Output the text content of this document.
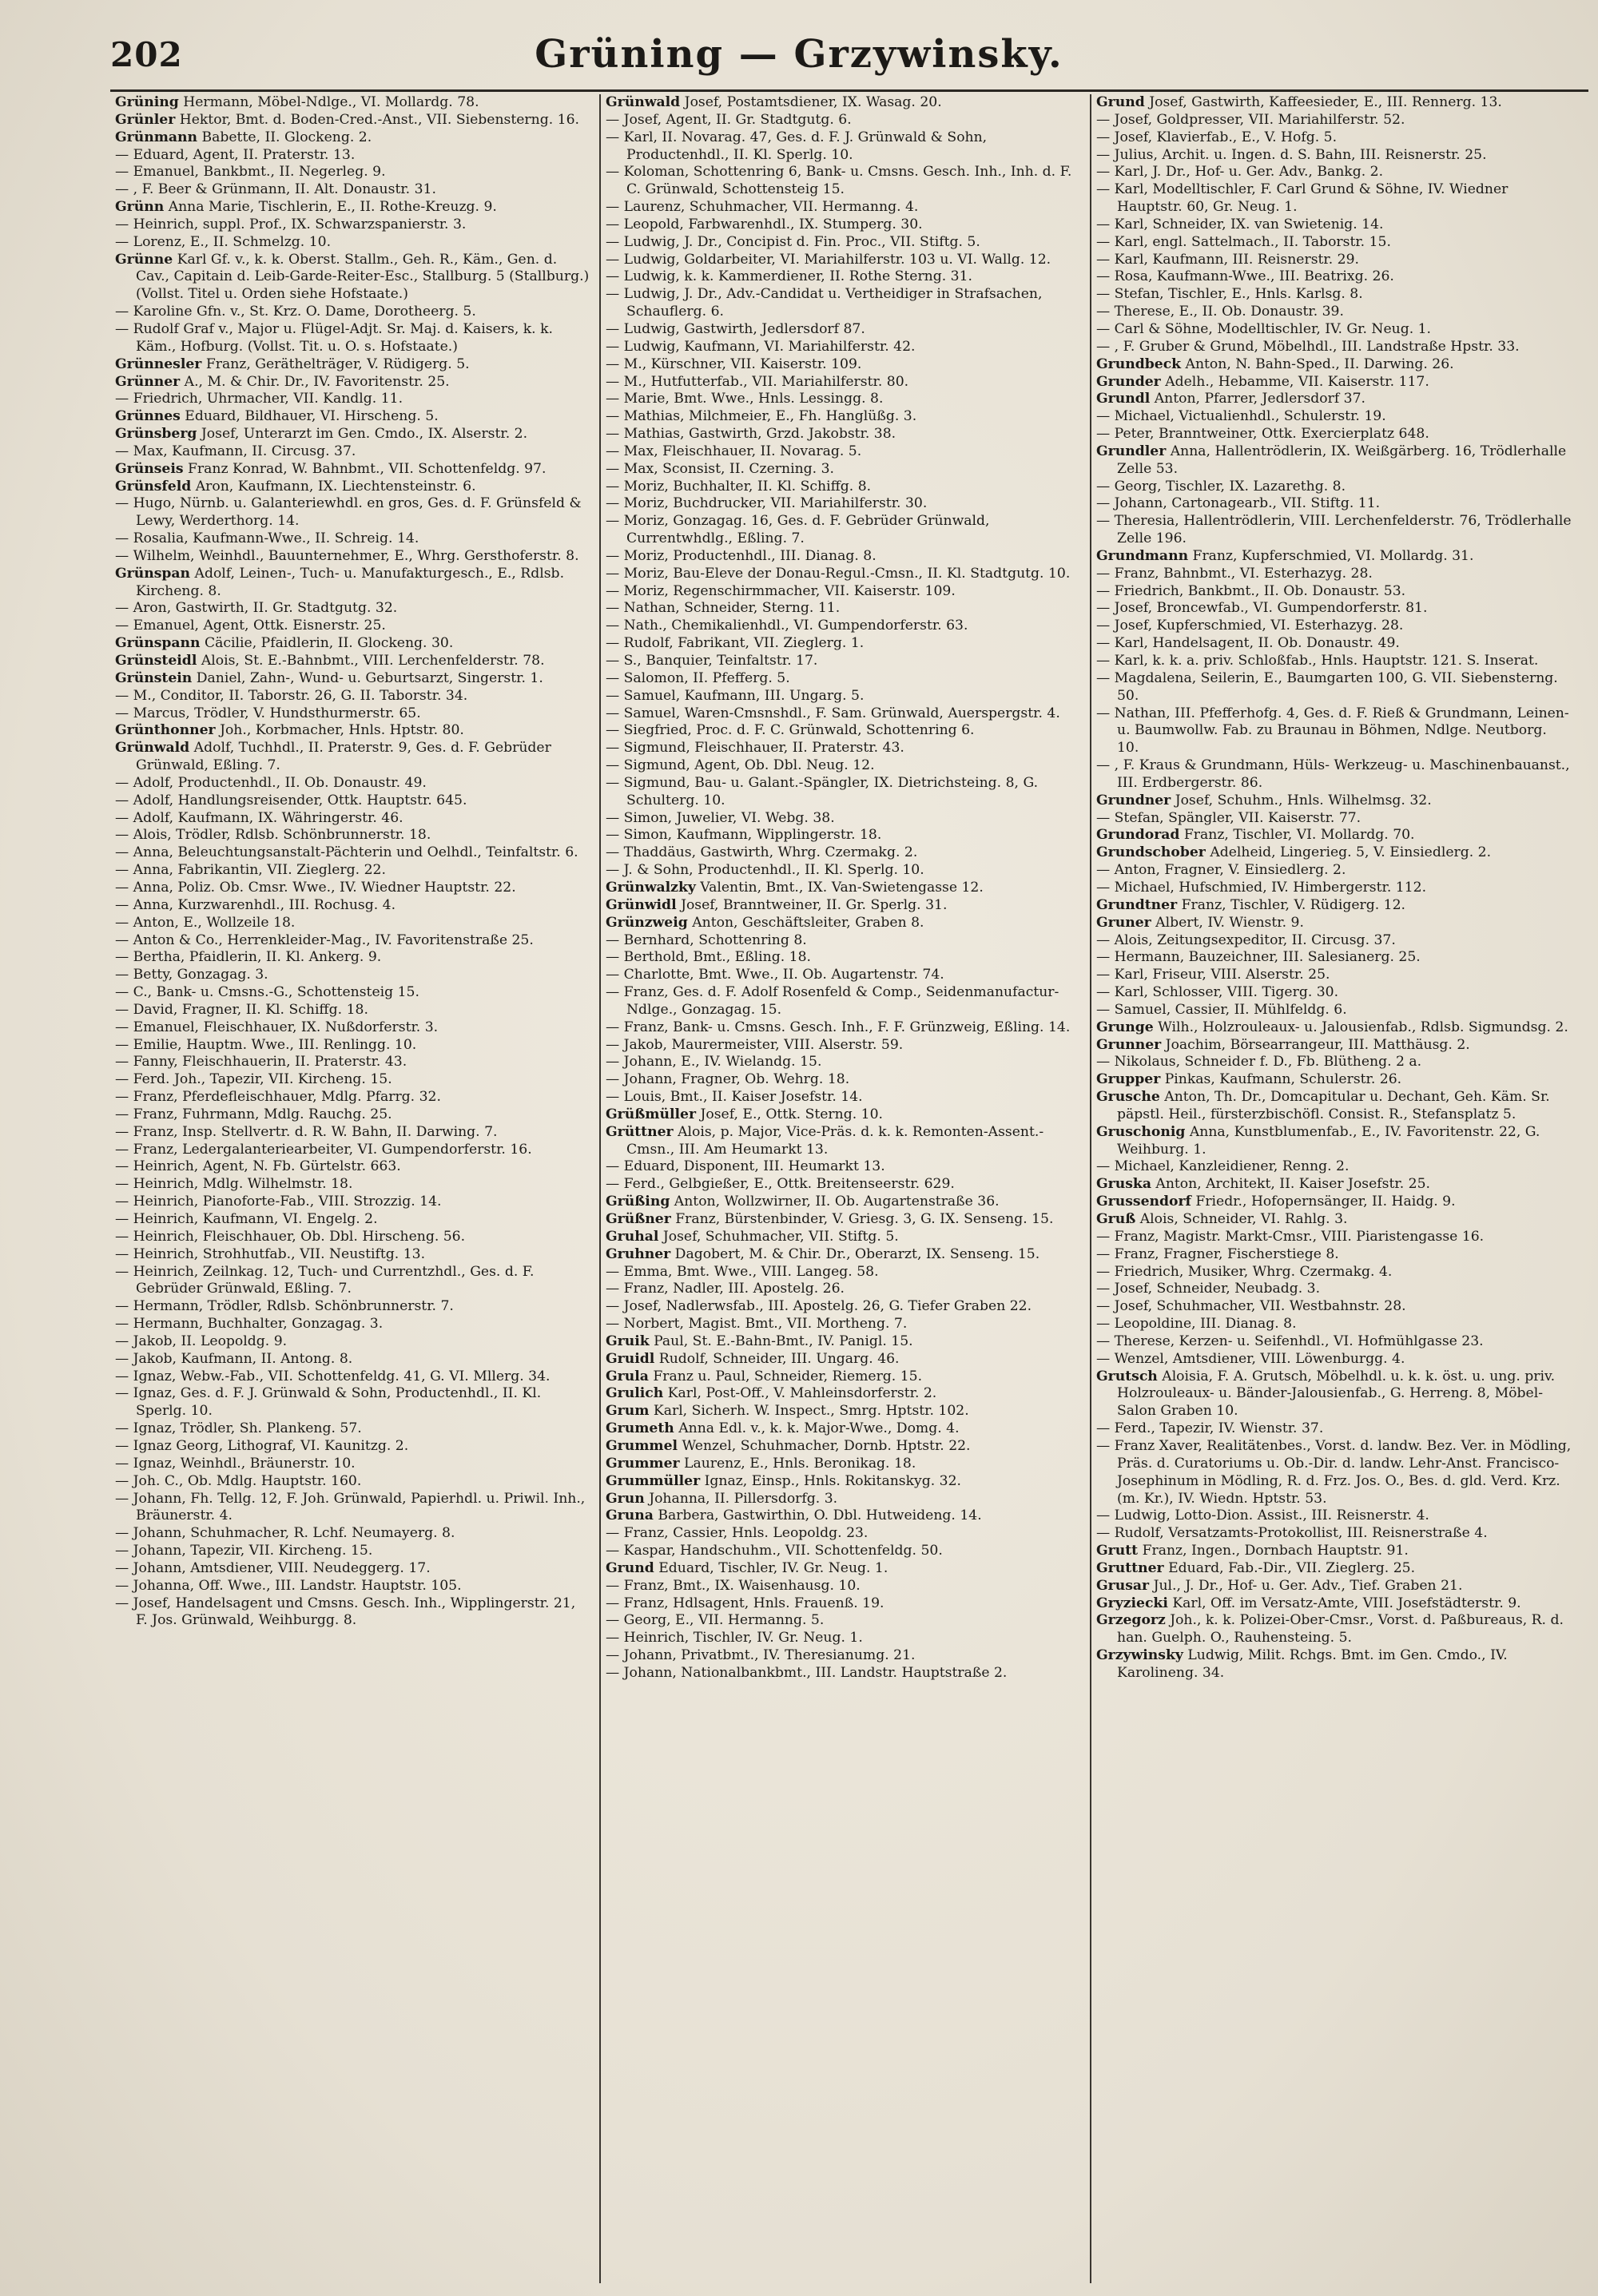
202	Grüning — Grzywinsky.

Grüning Hermann, Möbel-Ndlge., VI. Mollardg. 78.

Grünler Hektor, Bmt. d. Boden-Cred.-Anst., VII. Siebensterng. 16.

Grünmann Babette, II. Glockeng. 2.

— Eduard, Agent, II. Praterstr. 13.

— Emanuel, Bankbmt., II. Negerleg. 9.

— , F. Beer & Grünmann, II. Alt. Donaustr. 31.

Grünn Anna Marie, Tischlerin, E., II. Rothe-Kreuzg. 9.

— Heinrich, suppl. Prof., IX. Schwarzspanierstr. 3.

— Lorenz, E., II. Schmelzg. 10.

Grünne Karl Gf. v., k. k. Oberst. Stallm., Geh. R., Käm., Gen. d. Cav., Capitain d. Leib-Garde-Reiter-Esc., Stallburg. 5 (Stallburg.) (Vollst. Titel u. Orden siehe Hofstaate.)

— Karoline Gfn. v., St. Krz. O. Dame, Dorotheerg. 5.

— Rudolf Graf v., Major u. Flügel-Adjt. Sr. Maj. d. Kaisers, k. k. Käm., Hofburg. (Vollst. Tit. u. O. s. Hofstaate.)

Grünnesler Franz, Geräthelträger, V. Rüdigerg. 5.

Grünner A., M. & Chir. Dr., IV. Favoritenstr. 25.

— Friedrich, Uhrmacher, VII. Kandlg. 11.

Grünnes Eduard, Bildhauer, VI. Hirscheng. 5.

Grünsberg Josef, Unterarzt im Gen. Cmdo., IX. Alserstr. 2.

— Max, Kaufmann, II. Circusg. 37.

Grünseis Franz Konrad, W. Bahnbmt., VII. Schottenfeldg. 97.

Grünsfeld Aron, Kaufmann, IX. Liechtensteinstr. 6.

— Hugo, Nürnb. u. Galanteriewhdl. en gros, Ges. d. F. Grünsfeld & Lewy, Werderthorg. 14.

— Rosalia, Kaufmann-Wwe., II. Schreig. 14.

— Wilhelm, Weinhdl., Bauunternehmer, E., Whrg. Gersthoferstr. 8.

Grünspan Adolf, Leinen-, Tuch- u. Manufakturgesch., E., Rdlsb. Kircheng. 8.

— Aron, Gastwirth, II. Gr. Stadtgutg. 32.

— Emanuel, Agent, Ottk. Eisnerstr. 25.

Grünspann Cäcilie, Pfaidlerin, II. Glockeng. 30.

Grünsteidl Alois, St. E.-Bahnbmt., VIII. Lerchenfelderstr. 78.

Grünstein Daniel, Zahn-, Wund- u. Geburtsarzt, Singerstr. 1.

— M., Conditor, II. Taborstr. 26, G. II. Taborstr. 34.

— Marcus, Trödler, V. Hundsthurmerstr. 65.

Grünthonner Joh., Korbmacher, Hnls. Hptstr. 80.

Grünwald Adolf, Tuchhdl., II. Praterstr. 9, Ges. d. F. Gebrüder Grünwald, Eßling. 7.

— Adolf, Productenhdl., II. Ob. Donaustr. 49.

— Adolf, Handlungsreisender, Ottk. Hauptstr. 645.

— Adolf, Kaufmann, IX. Währingerstr. 46.

— Alois, Trödler, Rdlsb. Schönbrunnerstr. 18.

— Anna, Beleuchtungsanstalt-Pächterin und Oelhdl., Teinfaltstr. 6.

— Anna, Fabrikantin, VII. Zieglerg. 22.

— Anna, Poliz. Ob. Cmsr. Wwe., IV. Wiedner Hauptstr. 22.

— Anna, Kurzwarenhdl., III. Rochusg. 4.

— Anton, E., Wollzeile 18.

— Anton & Co., Herrenkleider-Mag., IV. Favoritenstraße 25.

— Bertha, Pfaidlerin, II. Kl. Ankerg. 9.

— Betty, Gonzagag. 3.

— C., Bank- u. Cmsns.-G., Schottensteig 15.

— David, Fragner, II. Kl. Schiffg. 18.

— Emanuel, Fleischhauer, IX. Nußdorferstr. 3.

— Emilie, Hauptm. Wwe., III. Renlingg. 10.

— Fanny, Fleischhauerin, II. Praterstr. 43.

— Ferd. Joh., Tapezir, VII. Kircheng. 15.

— Franz, Pferdefleischhauer, Mdlg. Pfarrg. 32.

— Franz, Fuhrmann, Mdlg. Rauchg. 25.

— Franz, Insp. Stellvertr. d. R. W. Bahn, II. Darwing. 7.

— Franz, Ledergalanteriearbeiter, VI. Gumpendorferstr. 16.

— Heinrich, Agent, N. Fb. Gürtelstr. 663.

— Heinrich, Mdlg. Wilhelmstr. 18.

— Heinrich, Pianoforte-Fab., VIII. Strozzig. 14.

— Heinrich, Kaufmann, VI. Engelg. 2.

— Heinrich, Fleischhauer, Ob. Dbl. Hirscheng. 56.

— Heinrich, Strohhutfab., VII. Neustiftg. 13.

— Heinrich, Zeilnkag. 12, Tuch- und Currentzhdl., Ges. d. F. Gebrüder Grünwald, Eßling. 7.

— Hermann, Trödler, Rdlsb. Schönbrunnerstr. 7.

— Hermann, Buchhalter, Gonzagag. 3.

— Jakob, II. Leopoldg. 9.

— Jakob, Kaufmann, II. Antong. 8.

— Ignaz, Webw.-Fab., VII. Schottenfeldg. 41, G. VI. Mllerg. 34.

— Ignaz, Ges. d. F. J. Grünwald & Sohn, Productenhdl., II. Kl. Sperlg. 10.

— Ignaz, Trödler, Sh. Plankeng. 57.

— Ignaz Georg, Lithograf, VI. Kaunitzg. 2.

— Ignaz, Weinhdl., Bräunerstr. 10.

— Joh. C., Ob. Mdlg. Hauptstr. 160.

— Johann, Fh. Tellg. 12, F. Joh. Grünwald, Papierhdl. u. Priwil. Inh., Bräunerstr. 4.

— Johann, Schuhmacher, R. Lchf. Neumayerg. 8.

— Johann, Tapezir, VII. Kircheng. 15.

— Johann, Amtsdiener, VIII. Neudeggerg. 17.

— Johanna, Off. Wwe., III. Landstr. Hauptstr. 105.

— Josef, Handelsagent und Cmsns. Gesch. Inh., Wipplingerstr. 21, F. Jos. Grünwald, Weihburgg. 8.

Grünwald Josef, Postamtsdiener, IX. Wasag. 20.

— Josef, Agent, II. Gr. Stadtgutg. 6.

— Karl, II. Novarag. 47, Ges. d. F. J. Grünwald & Sohn, Productenhdl., II. Kl. Sperlg. 10.

— Koloman, Schottenring 6, Bank- u. Cmsns. Gesch. Inh., Inh. d. F. C. Grünwald, Schottensteig 15.

— Laurenz, Schuhmacher, VII. Hermanng. 4.

— Leopold, Farbwarenhdl., IX. Stumperg. 30.

— Ludwig, J. Dr., Concipist d. Fin. Proc., VII. Stiftg. 5.

— Ludwig, Goldarbeiter, VI. Mariahilferstr. 103 u. VI. Wallg. 12.

— Ludwig, k. k. Kammerdiener, II. Rothe Sterng. 31.

— Ludwig, J. Dr., Adv.-Candidat u. Vertheidiger in Strafsachen, Schauflerg. 6.

— Ludwig, Gastwirth, Jedlersdorf 87.

— Ludwig, Kaufmann, VI. Mariahilferstr. 42.

— M., Kürschner, VII. Kaiserstr. 109.

— M., Hutfutterfab., VII. Mariahilferstr. 80.

— Marie, Bmt. Wwe., Hnls. Lessingg. 8.

— Mathias, Milchmeier, E., Fh. Hanglüßg. 3.

— Mathias, Gastwirth, Grzd. Jakobstr. 38.

— Max, Fleischhauer, II. Novarag. 5.

— Max, Sconsist, II. Czerning. 3.

— Moriz, Buchhalter, II. Kl. Schiffg. 8.

— Moriz, Buchdrucker, VII. Mariahilferstr. 30.

— Moriz, Gonzagag. 16, Ges. d. F. Gebrüder Grünwald, Currentwhdlg., Eßling. 7.

— Moriz, Productenhdl., III. Dianag. 8.

— Moriz, Bau-Eleve der Donau-Regul.-Cmsn., II. Kl. Stadtgutg. 10.

— Moriz, Regenschirmmacher, VII. Kaiserstr. 109.

— Nathan, Schneider, Sterng. 11.

— Nath., Chemikalienhdl., VI. Gumpendorferstr. 63.

— Rudolf, Fabrikant, VII. Zieglerg. 1.

— S., Banquier, Teinfaltstr. 17.

— Salomon, II. Pfefferg. 5.

— Samuel, Kaufmann, III. Ungarg. 5.

— Samuel, Waren-Cmsnshdl., F. Sam. Grünwald, Auerspergstr. 4.

— Siegfried, Proc. d. F. C. Grünwald, Schottenring 6.

— Sigmund, Fleischhauer, II. Praterstr. 43.

— Sigmund, Agent, Ob. Dbl. Neug. 12.

— Sigmund, Bau- u. Galant.-Spängler, IX. Dietrichsteing. 8, G. Schulterg. 10.

— Simon, Juwelier, VI. Webg. 38.

— Simon, Kaufmann, Wipplingerstr. 18.

— Thaddäus, Gastwirth, Whrg. Czermakg. 2.

— J. & Sohn, Productenhdl., II. Kl. Sperlg. 10.

Grünwalzky Valentin, Bmt., IX. Van-Swietengasse 12.

Grünwidl Josef, Branntweiner, II. Gr. Sperlg. 31.

Grünzweig Anton, Geschäftsleiter, Graben 8.

— Bernhard, Schottenring 8.

— Berthold, Bmt., Eßling. 18.

— Charlotte, Bmt. Wwe., II. Ob. Augartenstr. 74.

— Franz, Ges. d. F. Adolf Rosenfeld & Comp., Seidenmanufactur-Ndlge., Gonzagag. 15.

— Franz, Bank- u. Cmsns. Gesch. Inh., F. F. Grünzweig, Eßling. 14.

— Jakob, Maurermeister, VIII. Alserstr. 59.

— Johann, E., IV. Wielandg. 15.

— Johann, Fragner, Ob. Wehrg. 18.

— Louis, Bmt., II. Kaiser Josefstr. 14.

Grüßmüller Josef, E., Ottk. Sterng. 10.

Grüttner Alois, p. Major, Vice-Präs. d. k. k. Remonten-Assent.-Cmsn., III. Am Heumarkt 13.

— Eduard, Disponent, III. Heumarkt 13.

— Ferd., Gelbgießer, E., Ottk. Breitenseerstr. 629.

Grüßing Anton, Wollzwirner, II. Ob. Augartenstraße 36.

Grüßner Franz, Bürstenbinder, V. Griesg. 3, G. IX. Senseng. 15.

Gruhal Josef, Schuhmacher, VII. Stiftg. 5.

Gruhner Dagobert, M. & Chir. Dr., Oberarzt, IX. Senseng. 15.

— Emma, Bmt. Wwe., VIII. Langeg. 58.

— Franz, Nadler, III. Apostelg. 26.

— Josef, Nadlerwsfab., III. Apostelg. 26, G. Tiefer Graben 22.

— Norbert, Magist. Bmt., VII. Mortheng. 7.

Gruik Paul, St. E.-Bahn-Bmt., IV. Panigl. 15.

Gruidl Rudolf, Schneider, III. Ungarg. 46.

Grula Franz u. Paul, Schneider, Riemerg. 15.

Grulich Karl, Post-Off., V. Mahleinsdorferstr. 2.

Grum Karl, Sicherh. W. Inspect., Smrg. Hptstr. 102.

Grumeth Anna Edl. v., k. k. Major-Wwe., Domg. 4.

Grummel Wenzel, Schuhmacher, Dornb. Hptstr. 22.

Grummer Laurenz, E., Hnls. Beronikag. 18.

Grummüller Ignaz, Einsp., Hnls. Rokitanskyg. 32.

Grun Johanna, II. Pillersdorfg. 3.

Gruna Barbera, Gastwirthin, O. Dbl. Hutweideng. 14.

— Franz, Cassier, Hnls. Leopoldg. 23.

— Kaspar, Handschuhm., VII. Schottenfeldg. 50.

Grund Eduard, Tischler, IV. Gr. Neug. 1.

— Franz, Bmt., IX. Waisenhausg. 10.

— Franz, Hdlsagent, Hnls. Frauenß. 19.

— Georg, E., VII. Hermanng. 5.

— Heinrich, Tischler, IV. Gr. Neug. 1.

— Johann, Privatbmt., IV. Theresianumg. 21.

— Johann, Nationalbankbmt., III. Landstr. Hauptstraße 2.

Grund Josef, Gastwirth, Kaffeesieder, E., III. Rennerg. 13.

— Josef, Goldpresser, VII. Mariahilferstr. 52.

— Josef, Klavierfab., E., V. Hofg. 5.

— Julius, Archit. u. Ingen. d. S. Bahn, III. Reisnerstr. 25.

— Karl, J. Dr., Hof- u. Ger. Adv., Bankg. 2.

— Karl, Modelltischler, F. Carl Grund & Söhne, IV. Wiedner Hauptstr. 60, Gr. Neug. 1.

— Karl, Schneider, IX. van Swietenig. 14.

— Karl, engl. Sattelmach., II. Taborstr. 15.

— Karl, Kaufmann, III. Reisnerstr. 29.

— Rosa, Kaufmann-Wwe., III. Beatrixg. 26.

— Stefan, Tischler, E., Hnls. Karlsg. 8.

— Therese, E., II. Ob. Donaustr. 39.

— Carl & Söhne, Modelltischler, IV. Gr. Neug. 1.

— , F. Gruber & Grund, Möbelhdl., III. Landstraße Hpstr. 33.

Grundbeck Anton, N. Bahn-Sped., II. Darwing. 26.

Grunder Adelh., Hebamme, VII. Kaiserstr. 117.

Grundl Anton, Pfarrer, Jedlersdorf 37.

— Michael, Victualienhdl., Schulerstr. 19.

— Peter, Branntweiner, Ottk. Exercierplatz 648.

Grundler Anna, Hallentrödlerin, IX. Weißgärberg. 16, Trödlerhalle Zelle 53.

— Georg, Tischler, IX. Lazarethg. 8.

— Johann, Cartonagearb., VII. Stiftg. 11.

— Theresia, Hallentrödlerin, VIII. Lerchenfelderstr. 76, Trödlerhalle Zelle 196.

Grundmann Franz, Kupferschmied, VI. Mollardg. 31.

— Franz, Bahnbmt., VI. Esterhazyg. 28.

— Friedrich, Bankbmt., II. Ob. Donaustr. 53.

— Josef, Broncewfab., VI. Gumpendorferstr. 81.

— Josef, Kupferschmied, VI. Esterhazyg. 28.

— Karl, Handelsagent, II. Ob. Donaustr. 49.

— Karl, k. k. a. priv. Schloßfab., Hnls. Hauptstr. 121. S. Inserat.

— Magdalena, Seilerin, E., Baumgarten 100, G. VII. Siebensterng. 50.

— Nathan, III. Pfefferhofg. 4, Ges. d. F. Rieß & Grundmann, Leinen- u. Baumwollw. Fab. zu Braunau in Böhmen, Ndlge. Neutborg. 10.

— , F. Kraus & Grundmann, Hüls- Werkzeug- u. Maschinenbauanst., III. Erdbergerstr. 86.

Grundner Josef, Schuhm., Hnls. Wilhelmsg. 32.

— Stefan, Spängler, VII. Kaiserstr. 77.

Grundorad Franz, Tischler, VI. Mollardg. 70.

Grundschober Adelheid, Lingerieg. 5, V. Einsiedlerg. 2.

— Anton, Fragner, V. Einsiedlerg. 2.

— Michael, Hufschmied, IV. Himbergerstr. 112.

Grundtner Franz, Tischler, V. Rüdigerg. 12.

Gruner Albert, IV. Wienstr. 9.

— Alois, Zeitungsexpeditor, II. Circusg. 37.

— Hermann, Bauzeichner, III. Salesianerg. 25.

— Karl, Friseur, VIII. Alserstr. 25.

— Karl, Schlosser, VIII. Tigerg. 30.

— Samuel, Cassier, II. Mühlfeldg. 6.

Grunge Wilh., Holzrouleaux- u. Jalousienfab., Rdlsb. Sigmundsg. 2.

Grunner Joachim, Börsearrangeur, III. Matthäusg. 2.

— Nikolaus, Schneider f. D., Fb. Blütheng. 2 a.

Grupper Pinkas, Kaufmann, Schulerstr. 26.

Grusche Anton, Th. Dr., Domcapitular u. Dechant, Geh. Käm. Sr. päpstl. Heil., fürsterzbischöfl. Consist. R., Stefansplatz 5.

Gruschonig Anna, Kunstblumenfab., E., IV. Favoritenstr. 22, G. Weihburg. 1.

— Michael, Kanzleidiener, Renng. 2.

Gruska Anton, Architekt, II. Kaiser Josefstr. 25.

Grussendorf Friedr., Hofopernsänger, II. Haidg. 9.

Gruß Alois, Schneider, VI. Rahlg. 3.

— Franz, Magistr. Markt-Cmsr., VIII. Piaristengasse 16.

— Franz, Fragner, Fischerstiege 8.

— Friedrich, Musiker, Whrg. Czermakg. 4.

— Josef, Schneider, Neubadg. 3.

— Josef, Schuhmacher, VII. Westbahnstr. 28.

— Leopoldine, III. Dianag. 8.

— Therese, Kerzen- u. Seifenhdl., VI. Hofmühlgasse 23.

— Wenzel, Amtsdiener, VIII. Löwenburgg. 4.

Grutsch Aloisia, F. A. Grutsch, Möbelhdl. u. k. k. öst. u. ung. priv. Holzrouleaux- u. Bänder-Jalousienfab., G. Herreng. 8, Möbel-Salon Graben 10.

— Ferd., Tapezir, IV. Wienstr. 37.

— Franz Xaver, Realitätenbes., Vorst. d. landw. Bez. Ver. in Mödling, Präs. d. Curatoriums u. Ob.-Dir. d. landw. Lehr-Anst. Francisco-Josephinum in Mödling, R. d. Frz. Jos. O., Bes. d. gld. Verd. Krz. (m. Kr.), IV. Wiedn. Hptstr. 53.

— Ludwig, Lotto-Dion. Assist., III. Reisnerstr. 4.

— Rudolf, Versatzamts-Protokollist, III. Reisnerstraße 4.

Grutt Franz, Ingen., Dornbach Hauptstr. 91.

Gruttner Eduard, Fab.-Dir., VII. Zieglerg. 25.

Grusar Jul., J. Dr., Hof- u. Ger. Adv., Tief. Graben 21.

Gryziecki Karl, Off. im Versatz-Amte, VIII. Josefstädterstr. 9.

Grzegorz Joh., k. k. Polizei-Ober-Cmsr., Vorst. d. Paßbureaus, R. d. han. Guelph. O., Rauhensteing. 5.

Grzywinsky Ludwig, Milit. Rchgs. Bmt. im Gen. Cmdo., IV. Karolineng. 34.
